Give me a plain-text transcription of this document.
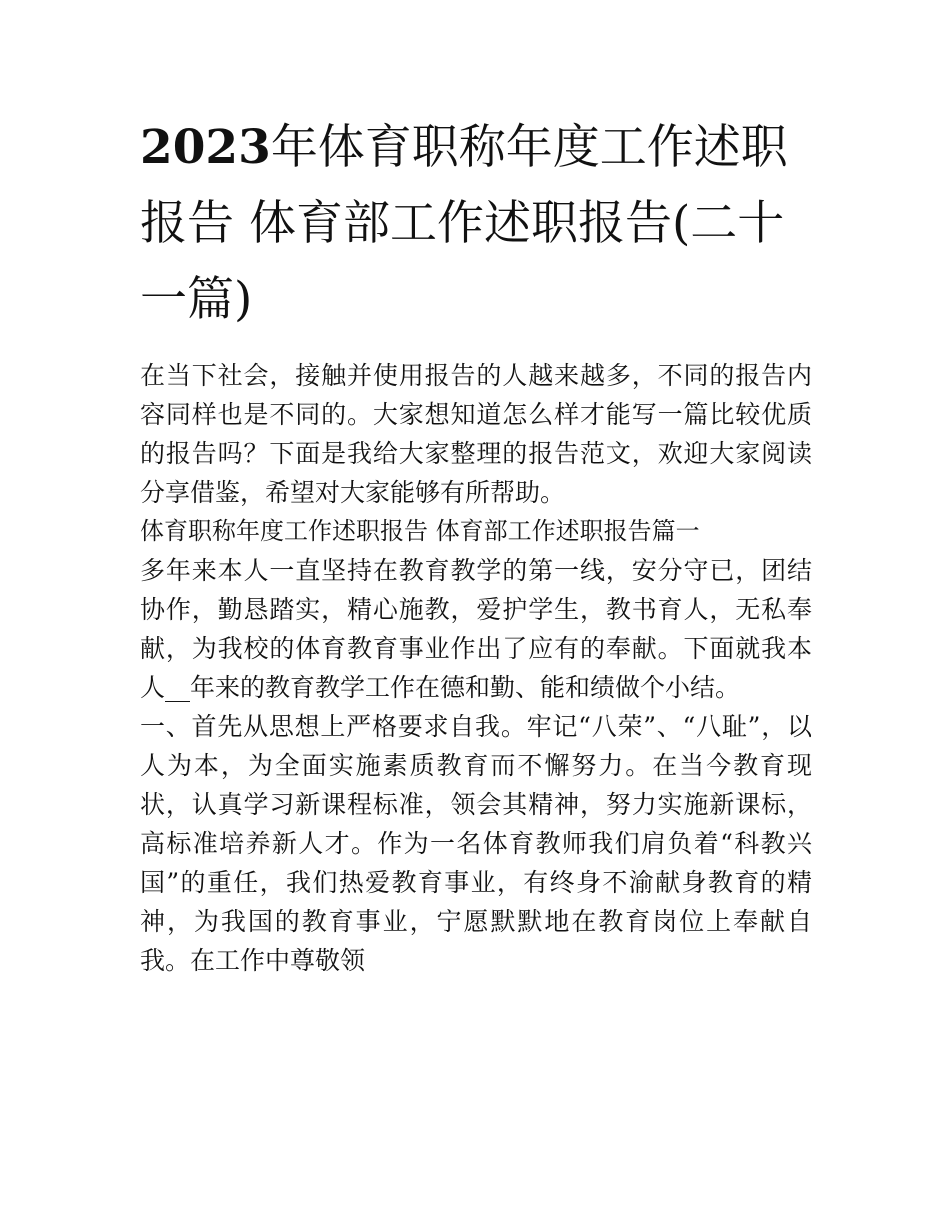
2023年体育职称年度工作述职报告 体育部工作述职报告(二十一篇)

在当下社会，接触并使用报告的人越来越多，不同的报告内容同样也是不同的。大家想知道怎么样才能写一篇比较优质的报告吗？下面是我给大家整理的报告范文，欢迎大家阅读分享借鉴，希望对大家能够有所帮助。

体育职称年度工作述职报告 体育部工作述职报告篇一

多年来本人一直坚持在教育教学的第一线，安分守已，团结协作，勤恳踏实，精心施教，爱护学生，教书育人，无私奉献，为我校的体育教育事业作出了应有的奉献。下面就我本人__年来的教育教学工作在德和勤、能和绩做个小结。

一、首先从思想上严格要求自我。牢记“八荣”、“八耻”，以人为本，为全面实施素质教育而不懈努力。在当今教育现状，认真学习新课程标准，领会其精神，努力实施新课标，高标准培养新人才。作为一名体育教师我们肩负着“科教兴国”的重任，我们热爱教育事业，有终身不渝献身教育的精神，为我国的教育事业，宁愿默默地在教育岗位上奉献自我。在工作中尊敬领
